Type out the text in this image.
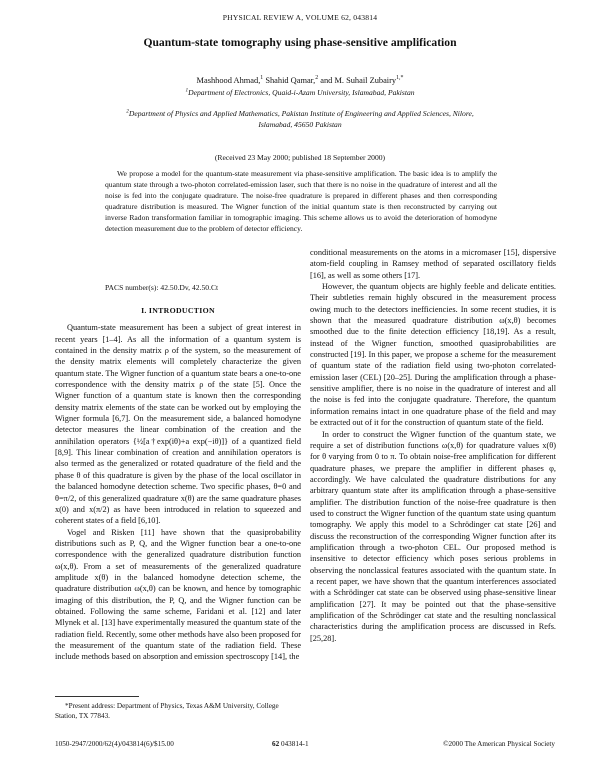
PHYSICAL REVIEW A, VOLUME 62, 043814
Quantum-state tomography using phase-sensitive amplification
Mashhood Ahmad,$^1$ Shahid Qamar,$^2$ and M. Suhail Zubairy$^{1,*}$
$^1$Department of Electronics, Quaid-i-Azam University, Islamabad, Pakistan
$^2$Department of Physics and Applied Mathematics, Pakistan Institute of Engineering and Applied Sciences, Nilore,
Islamabad, 45650 Pakistan
(Received 23 May 2000; published 18 September 2000)
We propose a model for the quantum-state measurement via phase-sensitive amplification. The basic idea is to amplify the quantum state through a two-photon correlated-emission laser, such that there is no noise in the quadrature of interest and all the noise is fed into the conjugate quadrature. The noise-free quadrature is prepared in different phases and then corresponding quadrature distribution is measured. The Wigner function of the initial quantum state is then reconstructed by carrying out inverse Radon transformation familiar in tomographic imaging. This scheme allows us to avoid the deterioration of homodyne detection measurement due to the problem of detector efficiency.
PACS number(s): 42.50.Dv, 42.50.Ct
I. INTRODUCTION

Quantum-state measurement has been a subject of great interest in recent years [1–4]. As all the information of a quantum system is contained in the density matrix ρ of the system, so the measurement of the density matrix elements will completely characterize the given quantum state. The Wigner function of a quantum state bears a one-to-one correspondence with the density matrix ρ of the state [5]. Once the Wigner function of a quantum state is known then the corresponding density matrix elements of the state can be worked out by employing the Wigner formula [6,7]. On the measurement side, a balanced homodyne detector measures the linear combination of the creation and the annihilation operators {½[a†exp(iθ)+a exp(−iθ)]} of a quantized field [8,9]. This linear combination of creation and annihilation operators is also termed as the generalized or rotated quadrature of the field and the phase θ of this quadrature is given by the phase of the local oscillator in the balanced homodyne detection scheme. Two specific phases, θ=0 and θ=π/2, of this generalized quadrature x(θ) are the same quadrature phases x(0) and x(π/2) as have been introduced in relation to squeezed and coherent states of a field [6,10].

Vogel and Risken [11] have shown that the quasiprobability distributions such as P, Q, and the Wigner function bear a one-to-one correspondence with the generalized quadrature distribution function ω(x,θ). From a set of measurements of the generalized quadrature amplitude x(θ) in the balanced homodyne detection scheme, the quadrature distribution ω(x,θ) can be known, and hence by tomographic imaging of this distribution, the P, Q, and the Wigner function can be obtained. Following the same scheme, Faridani et al. [12] and later Mlynek et al. [13] have experimentally measured the quantum state of the radiation field. Recently, some other methods have also been proposed for the measurement of the quantum state of the radiation field. These include methods based on absorption and emission spectroscopy [14], the

conditional measurements on the atoms in a micromaser [15], dispersive atom-field coupling in Ramsey method of separated oscillatory fields [16], as well as some others [17].

However, the quantum objects are highly feeble and delicate entities. Their subtleties remain highly obscured in the measurement process owing much to the detectors inefficiencies. In some recent studies, it is shown that the measured quadrature distribution ω(x,θ) becomes smoothed due to the finite detection efficiency [18,19]. As a result, instead of the Wigner function, smoothed quasiprobabilities are constructed [19]. In this paper, we propose a scheme for the measurement of quantum state of the radiation field using two-photon correlated-emission laser (CEL) [20–25]. During the amplification through a phase-sensitive amplifier, there is no noise in the quadrature of interest and all the noise is fed into the conjugate quadrature. Therefore, the quantum information remains intact in one quadrature phase of the field and may be extracted out of it for the construction of quantum state of the field.

In order to construct the Wigner function of the quantum state, we require a set of distribution functions ω(x,θ) for quadrature values x(θ) for θ varying from 0 to π. To obtain noise-free amplification for different quadrature phases, we prepare the amplifier in different phases φ, accordingly. We have calculated the quadrature distributions for any arbitrary quantum state after its amplification through a phase-sensitive amplifier. The distribution function of the noise-free quadrature is then used to construct the Wigner function of the quantum state using quantum tomography. We apply this model to a Schrödinger cat state [26] and discuss the reconstruction of the corresponding Wigner function after its amplification through a two-photon CEL. Our proposed method is insensitive to detector efficiency which poses serious problems in observing the nonclassical features associated with the quantum state. In a recent paper, we have shown that the quantum interferences associated with a Schrödinger cat state can be observed using phase-sensitive linear amplification [27]. It may be pointed out that the phase-sensitive amplification of the Schrödinger cat state and the resulting nonclassical characteristics during the amplification process are discussed in Refs. [25,28].

*Present address: Department of Physics, Texas A&M University, College Station, TX 77843.
1050-2947/2000/62(4)/043814(6)/$15.00	62 043814-1	©2000 The American Physical Society
